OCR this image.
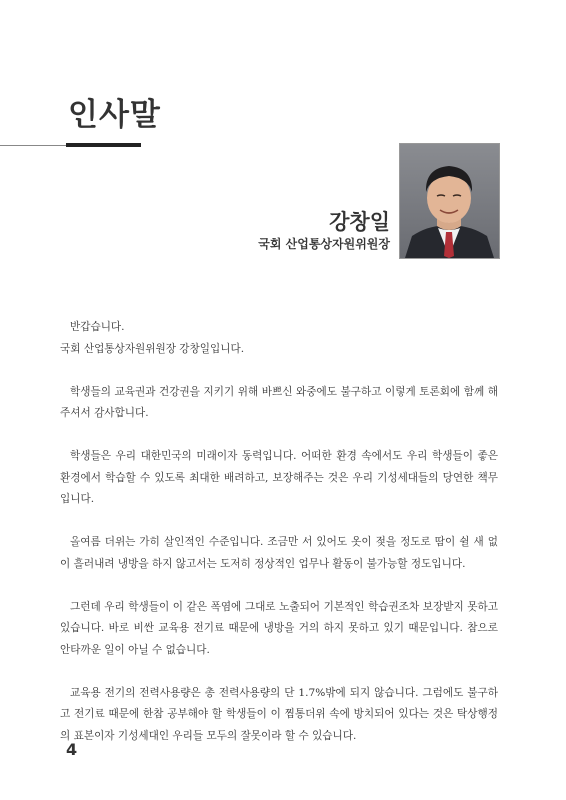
인사말
강창일
국회 산업통상자원위원장

반갑습니다.
국회 산업통상자원위원장 강창일입니다.

학생들의 교육권과 건강권을 지키기 위해 바쁘신 와중에도 불구하고 이렇게 토론회에 함께 해주셔서 감사합니다.

학생들은 우리 대한민국의 미래이자 동력입니다. 어떠한 환경 속에서도 우리 학생들이 좋은 환경에서 학습할 수 있도록 최대한 배려하고, 보장해주는 것은 우리 기성세대들의 당연한 책무입니다.

올여름 더위는 가히 살인적인 수준입니다. 조금만 서 있어도 옷이 젖을 정도로 땀이 쉴 새 없이 흘러내려 냉방을 하지 않고서는 도저히 정상적인 업무나 활동이 불가능할 정도입니다.

그런데 우리 학생들이 이 같은 폭염에 그대로 노출되어 기본적인 학습권조차 보장받지 못하고 있습니다. 바로 비싼 교육용 전기료 때문에 냉방을 거의 하지 못하고 있기 때문입니다. 참으로 안타까운 일이 아닐 수 없습니다.

교육용 전기의 전력사용량은 총 전력사용량의 단 1.7%밖에 되지 않습니다. 그럼에도 불구하고 전기료 때문에 한참 공부해야 할 학생들이 이 찜통더위 속에 방치되어 있다는 것은 탁상행정의 표본이자 기성세대인 우리들 모두의 잘못이라 할 수 있습니다.

4
